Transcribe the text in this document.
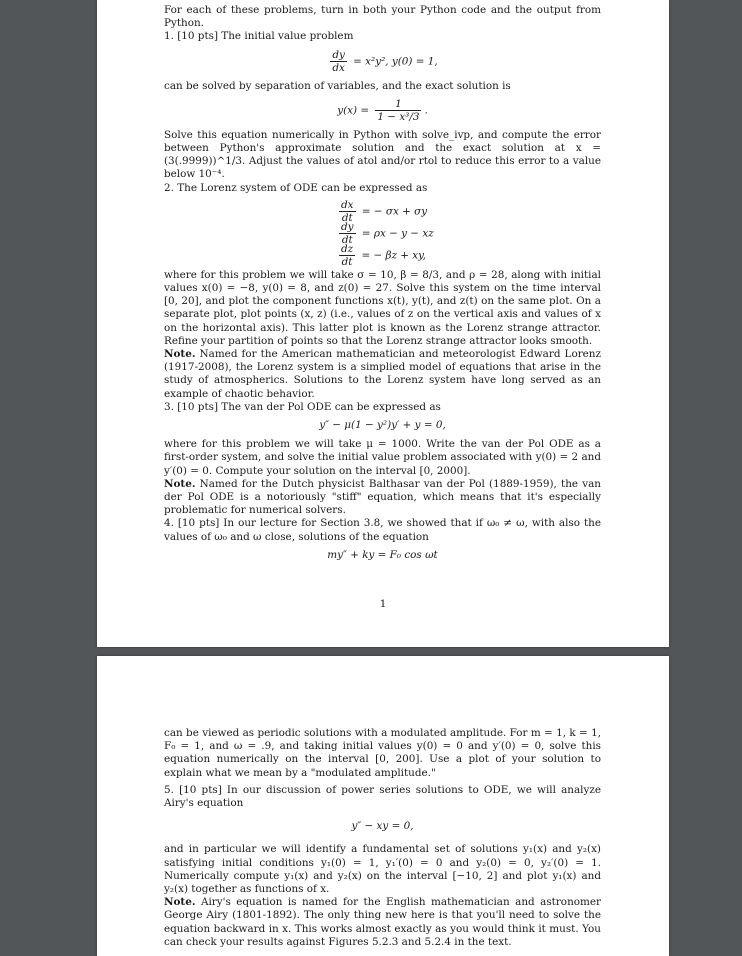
For each of these problems, turn in both your Python code and the output from Python.

1. [10 pts] The initial value problem

$\frac{dy}{dx} = x^2y^2$, y(0) = 1,

can be solved by separation of variables, and the exact solution is

$y(x) = \frac{1}{\text{1 − x³/3}}$ .

Solve this equation numerically in Python with solve_ivp, and compute the error between Python's approximate solution and the exact solution at x = (3(.9999))^1/3. Adjust the values of atol and/or rtol to reduce this error to a value below 10⁻⁴.

2. The Lorenz system of ODE can be expressed as

$\frac{dx}{dt}$ = − σx + σy
$\frac{dy}{dt} = \rho x - y$ − xz
$\frac{dz}{dt}$ = − βz + xy,

where for this problem we will take σ = 10, β = 8/3, and ρ = 28, along with initial values x(0) = −8, y(0) = 8, and z(0) = 27. Solve this system on the time interval [0, 20], and plot the component functions x(t), y(t), and z(t) on the same plot. On a separate plot, plot points (x, z) (i.e., values of z on the vertical axis and values of x on the horizontal axis). This latter plot is known as the Lorenz strange attractor. Refine your partition of points so that the Lorenz strange attractor looks smooth.

Note. Named for the American mathematician and meteorologist Edward Lorenz (1917-2008), the Lorenz system is a simplied model of equations that arise in the study of atmospherics. Solutions to the Lorenz system have long served as an example of chaotic behavior.

3. [10 pts] The van der Pol ODE can be expressed as

y″ − μ(1 − y²)y′ + y = 0,

where for this problem we will take μ = 1000. Write the van der Pol ODE as a first-order system, and solve the initial value problem associated with y(0) = 2 and y′(0) = 0. Compute your solution on the interval [0, 2000].

Note. Named for the Dutch physicist Balthasar van der Pol (1889-1959), the van der Pol ODE is a notoriously "stiff" equation, which means that it's especially problematic for numerical solvers.

4. [10 pts] In our lecture for Section 3.8, we showed that if ω₀ ≠ ω, with also the values of ω₀ and ω close, solutions of the equation

my″ + ky = F₀ cos ωt
1

can be viewed as periodic solutions with a modulated amplitude. For m = 1, k = 1, F₀ = 1, and ω = .9, and taking initial values y(0) = 0 and y′(0) = 0, solve this equation numerically on the interval [0, 200]. Use a plot of your solution to explain what we mean by a "modulated amplitude."

5. [10 pts] In our discussion of power series solutions to ODE, we will analyze Airy's equation

y″ − xy = 0,

and in particular we will identify a fundamental set of solutions y₁(x) and y₂(x) satisfying initial conditions y₁(0) = 1, y₁′(0) = 0 and y₂(0) = 0, y₂′(0) = 1. Numerically compute y₁(x) and y₂(x) on the interval [−10, 2] and plot y₁(x) and y₂(x) together as functions of x.

Note. Airy's equation is named for the English mathematician and astronomer George Airy (1801-1892). The only thing new here is that you'll need to solve the equation backward in x. This works almost exactly as you would think it must. You can check your results against Figures 5.2.3 and 5.2.4 in the text.
